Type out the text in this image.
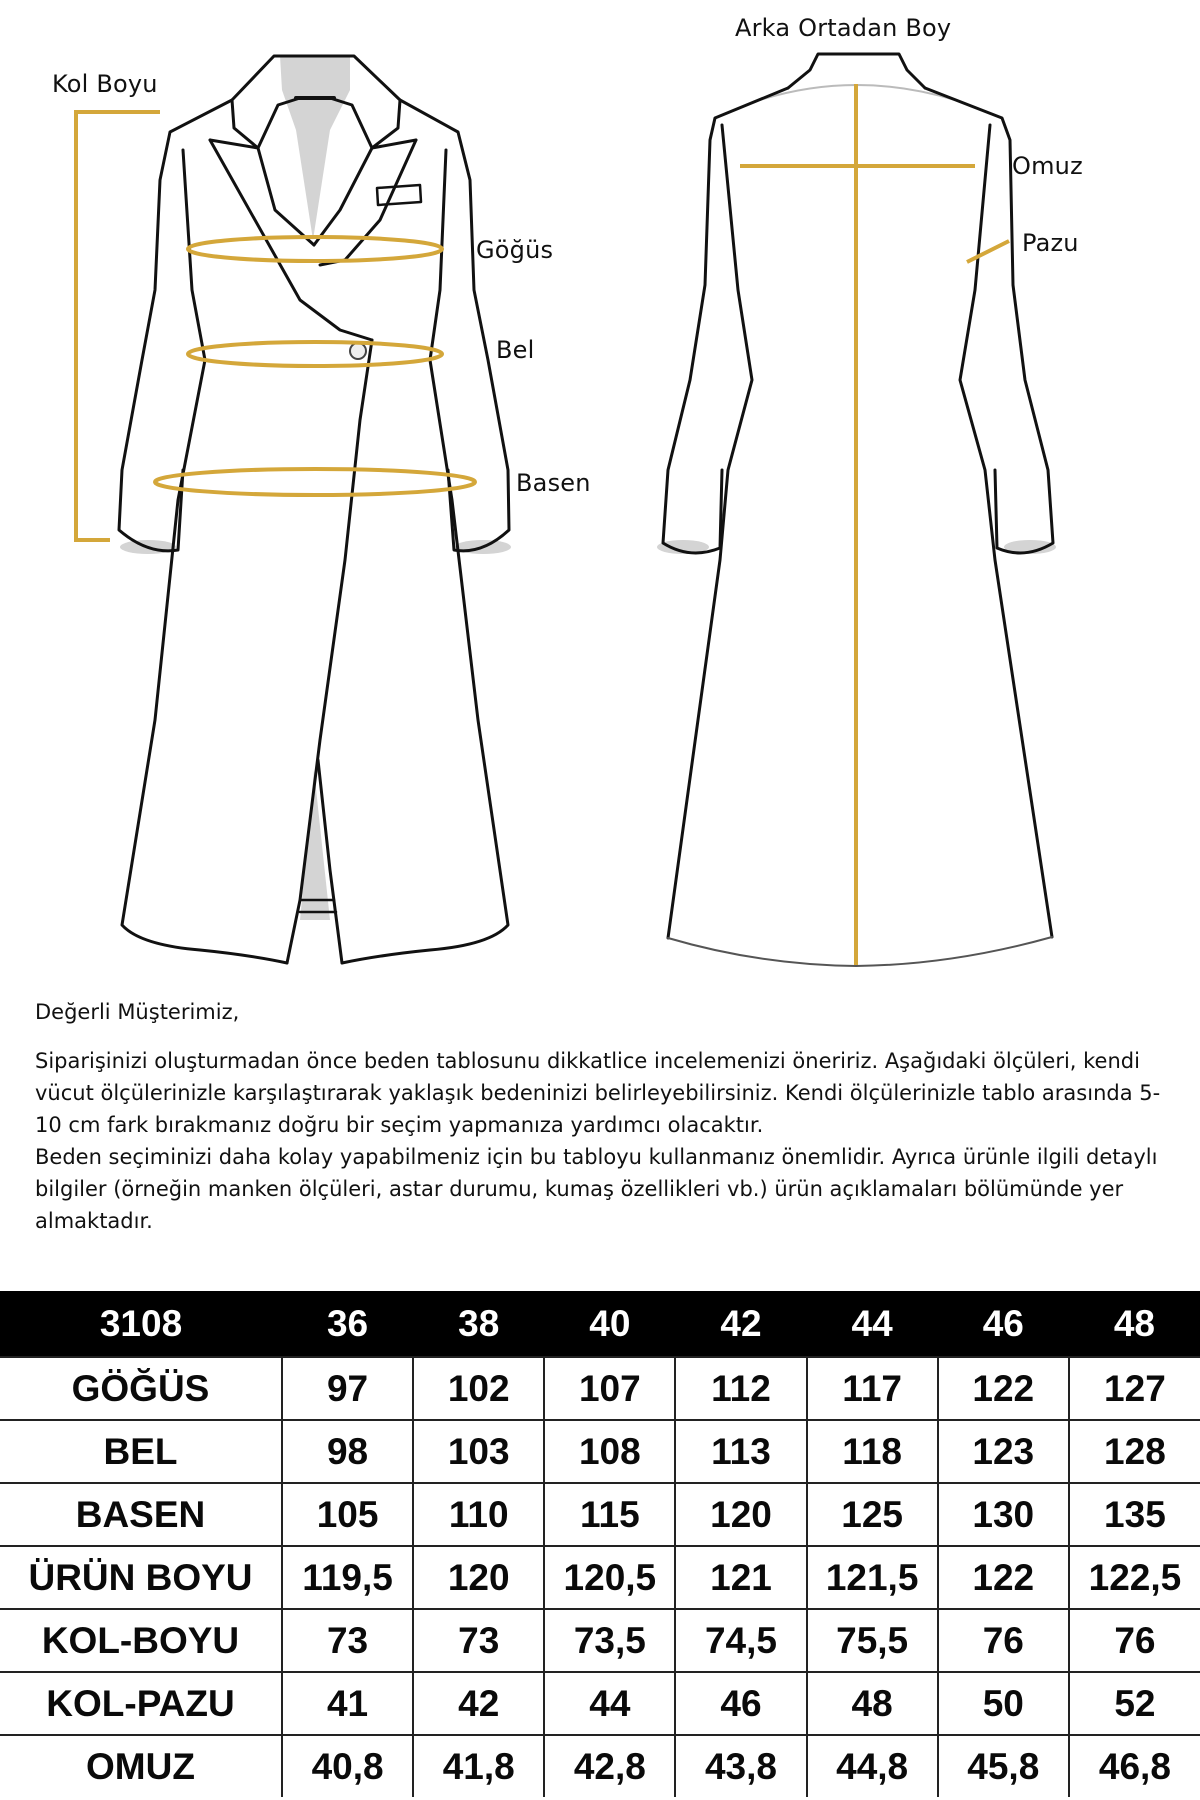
Kol Boyu
Göğüs
Bel
Basen
Arka Ortadan Boy
Omuz
Pazu

Değerli Müşterimiz,

Siparişinizi oluşturmadan önce beden tablosunu dikkatlice incelemenizi öneririz. Aşağıdaki ölçüleri, kendi vücut ölçülerinizle karşılaştırarak yaklaşık bedeninizi belirleyebilirsiniz. Kendi ölçülerinizle tablo arasında 5-10 cm fark bırakmanız doğru bir seçim yapmanıza yardımcı olacaktır.

Beden seçiminizi daha kolay yapabilmeniz için bu tabloyu kullanmanız önemlidir. Ayrıca ürünle ilgili detaylı bilgiler (örneğin manken ölçüleri, astar durumu, kumaş özellikleri vb.) ürün açıklamaları bölümünde yer almaktadır.

3108	36	38	40	42	44	46	48
GÖĞÜS	97	102	107	112	117	122	127
BEL	98	103	108	113	118	123	128
BASEN	105	110	115	120	125	130	135
ÜRÜN BOYU	119,5	120	120,5	121	121,5	122	122,5
KOL-BOYU	73	73	73,5	74,5	75,5	76	76
KOL-PAZU	41	42	44	46	48	50	52
OMUZ	40,8	41,8	42,8	43,8	44,8	45,8	46,8
